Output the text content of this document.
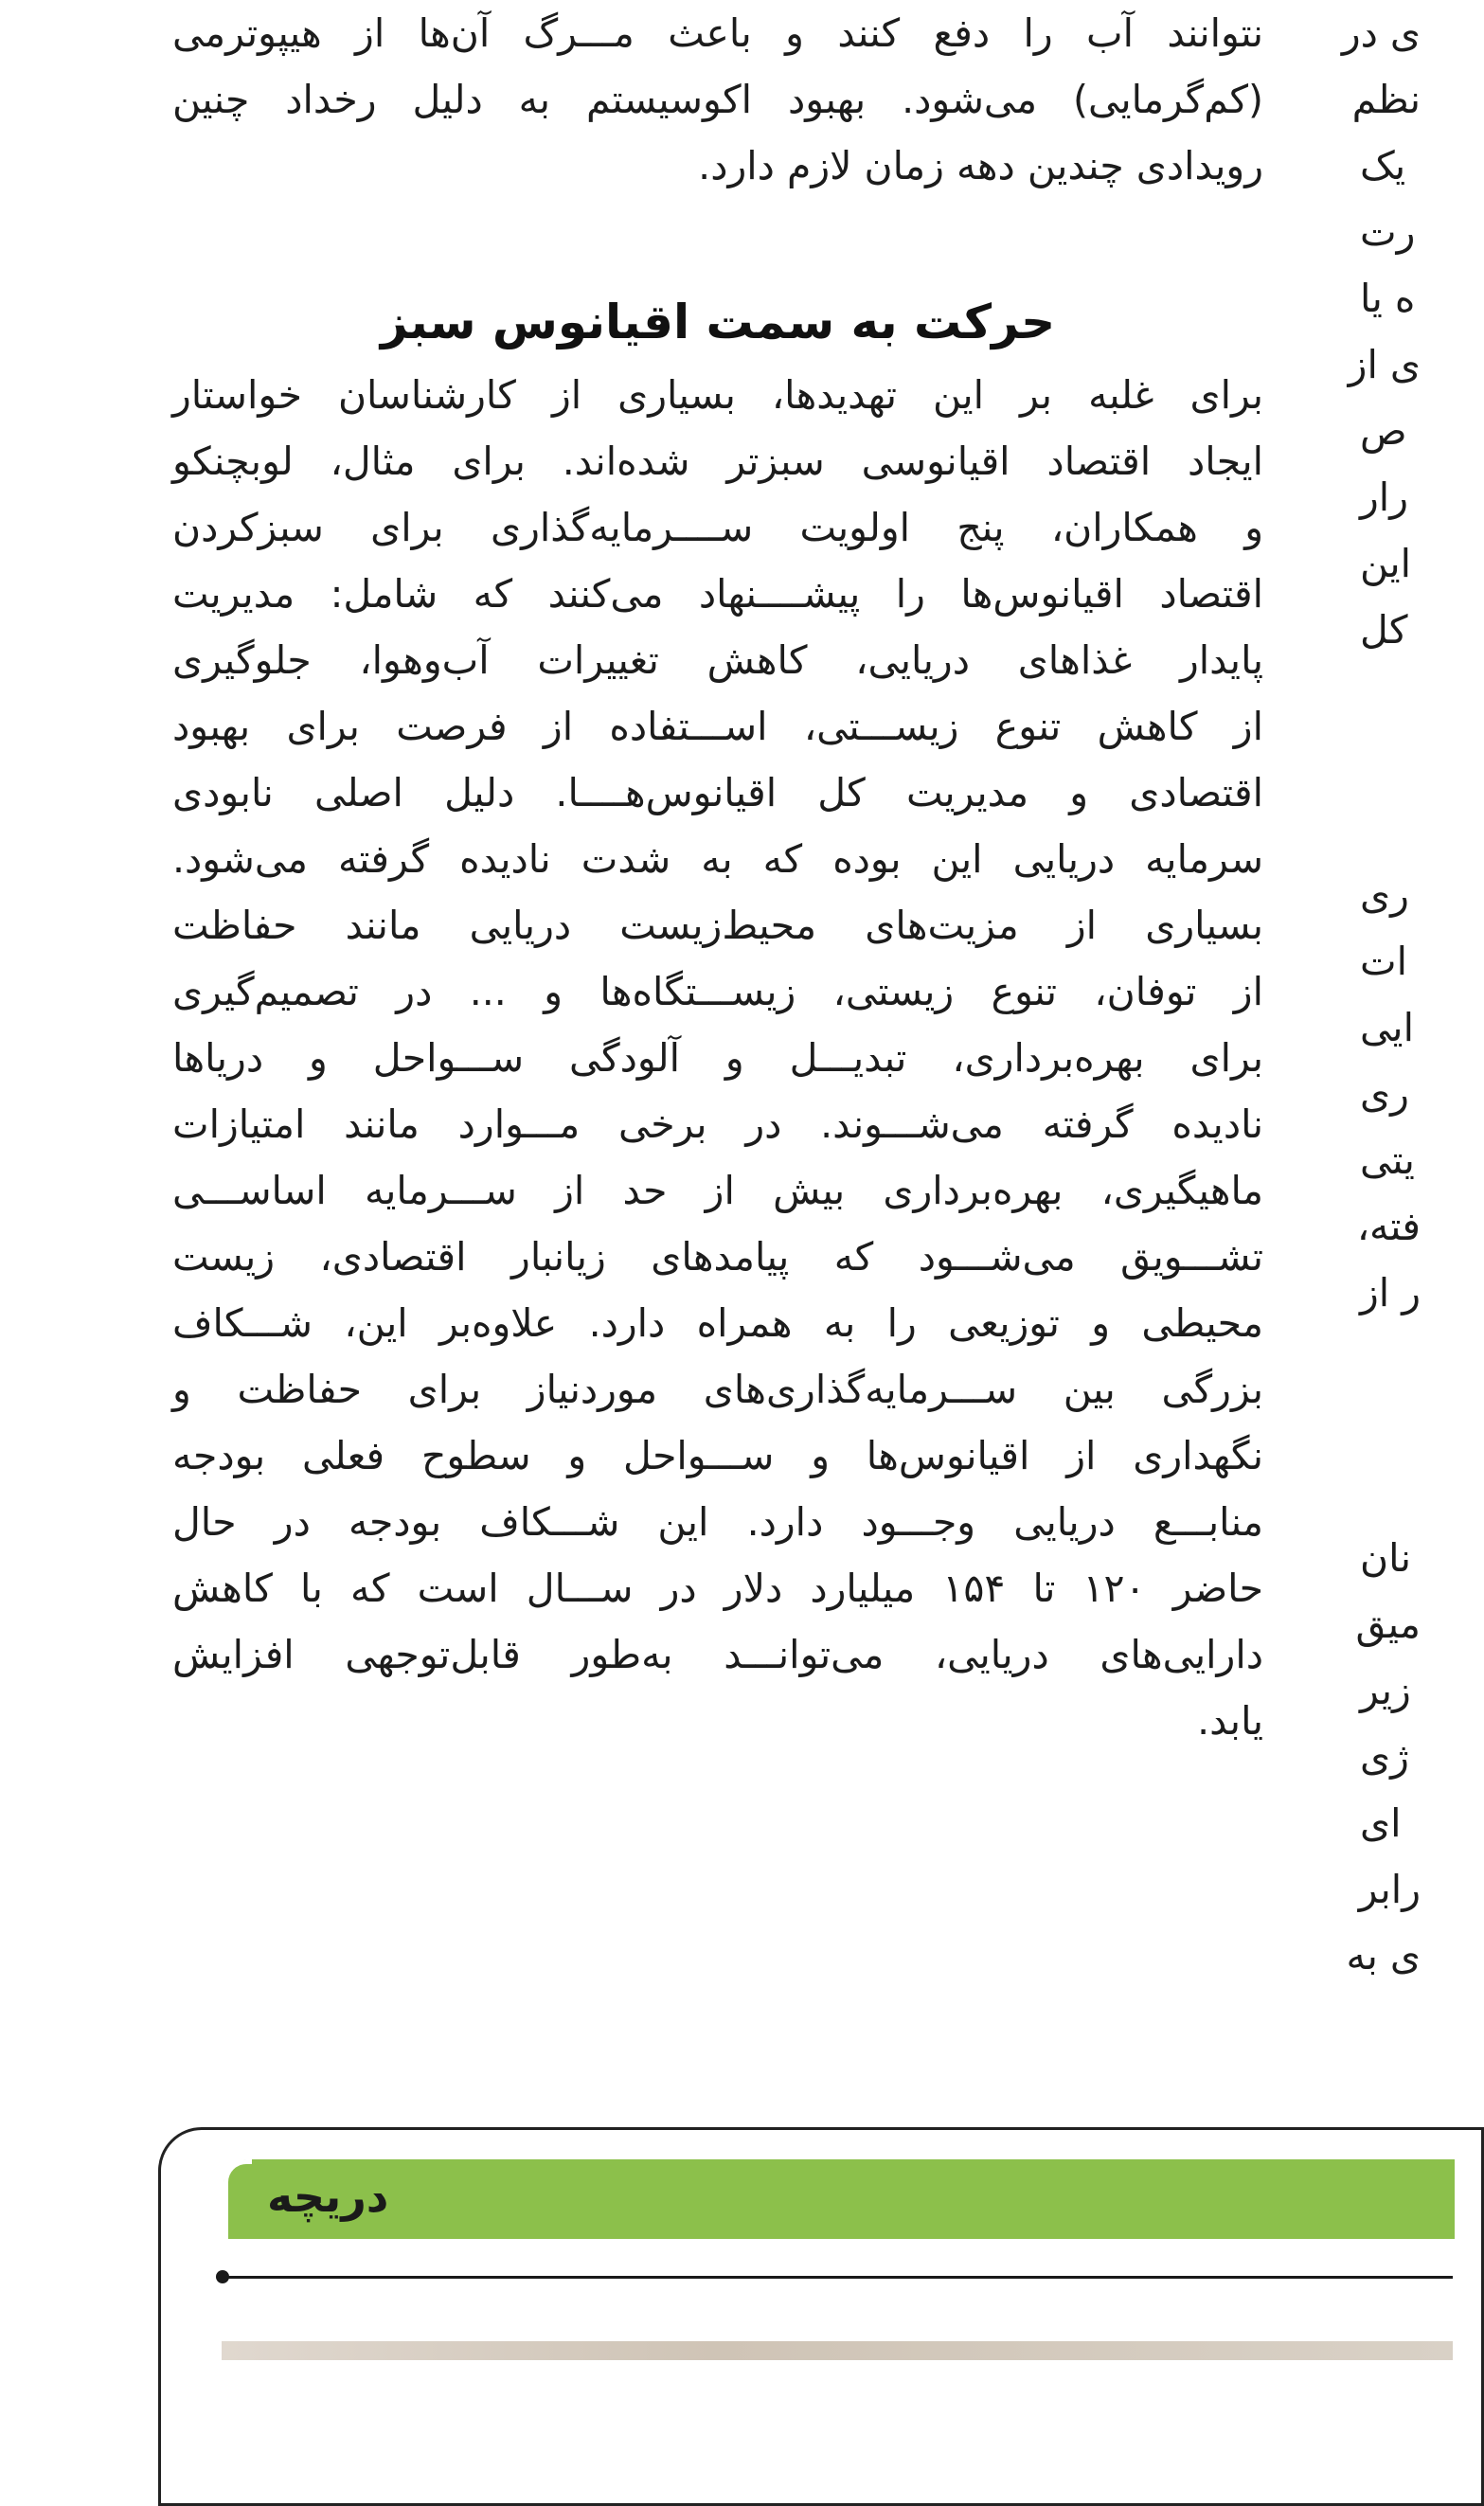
نتوانند آب را دفع کنند و باعث مـــرگ آن‌ها از هیپوترمی
(کم‌گرمایی) می‌شود. بهبود اکوسیستم به دلیل رخداد چنین
رویدادی چندین دهه زمان لازم دارد.
حرکت به سمت اقیانوس سبز
برای غلبه بر این تهدیدها، بسیاری از کارشناسان خواستار
ایجاد اقتصاد اقیانوسی سبزتر شده‌اند. برای مثال، لوبچنکو
و همکاران، پنج اولویت ســــرمایه‌گذاری برای سبزکردن
اقتصاد اقیانوس‌ها را پیشــــنهاد می‌کنند که شامل: مدیریت
پایدار غذاهای دریایی، کاهش تغییرات آب‌وهوا، جلوگیری
از کاهش تنوع زیســـتی، اســـتفاده از فرصت برای بهبود
اقتصادی و مدیریت کل اقیانوس‌هــــا. دلیل اصلی نابودی
سرمایه دریایی این بوده که به شدت نادیده گرفته می‌شود.
بسیاری از مزیت‌های محیط‌زیست دریایی مانند حفاظت
از توفان، تنوع زیستی، زیســـتگاه‌ها و ... در تصمیم‌گیری
برای بهره‌برداری، تبدیـــل و آلودگی ســـواحل و دریاها
نادیده گرفته می‌شـــوند. در برخی مـــوارد مانند امتیازات
ماهیگیری، بهره‌برداری بیش از حد از ســـرمایه اساســـی
تشـــویق می‌شـــود که پیامدهای زیانبار اقتصادی، زیست
محیطی و توزیعی را به همراه دارد. علاوه‌بر این، شـــکاف
بزرگی بین ســـرمایه‌گذاری‌های موردنیاز برای حفاظت و
نگهداری از اقیانوس‌ها و ســـواحل و سطوح فعلی بودجه
منابـــع دریایی وجـــود دارد. این شـــکاف بودجه در حال
حاضر ۱۲۰ تا ۱۵۴ میلیارد دلار در ســـال است که با کاهش
دارایی‌های دریایی، می‌توانـــد به‌طور قابل‌توجهی افزایش
یابد.
ی در
نظم
یک
رت
ه یا
ی از
ص
رار
این
کل
ری
ات
ایی
ری
یتی
فته،
ر از
نان
میق
زیر
ژی
ای
رابر
ی به
دریچه
